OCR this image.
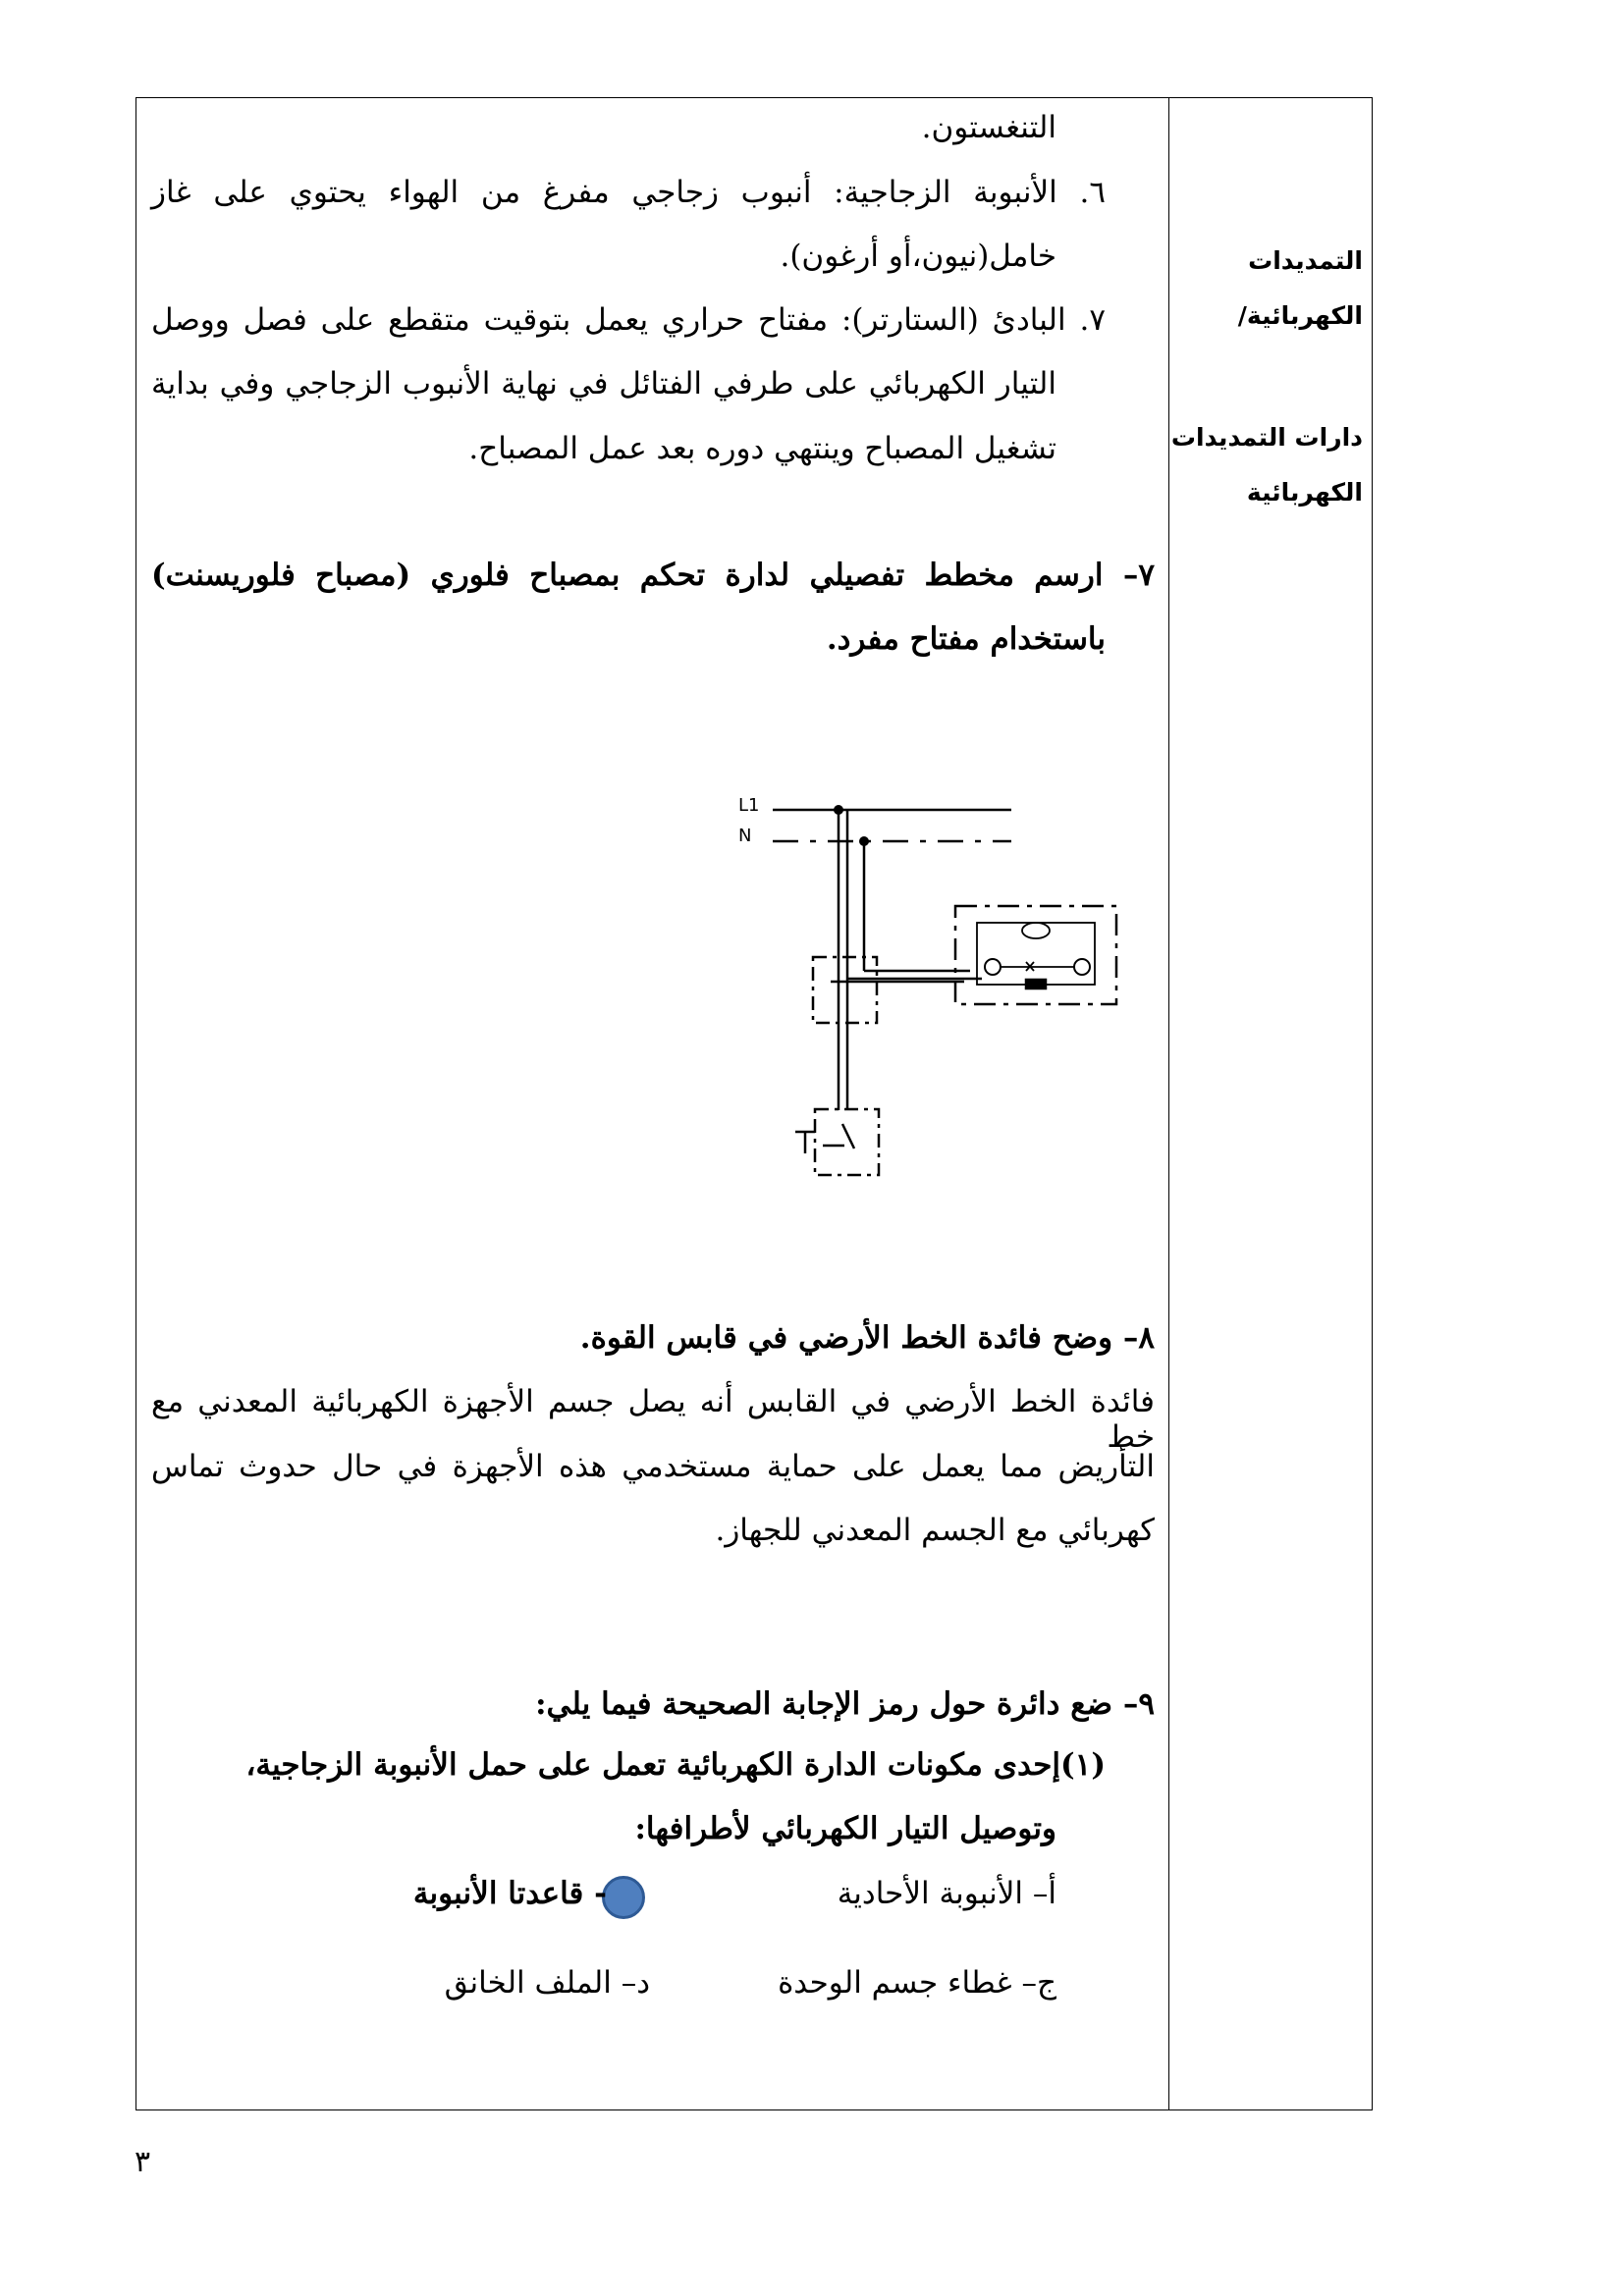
التمديدات
الكهربائية/
دارات التمديدات
الكهربائية
التنغستون.
٦. الأنبوبة الزجاجية: أنبوب زجاجي مفرغ من الهواء يحتوي على غاز
خامل(نيون،أو أرغون).
٧. البادئ (الستارتر): مفتاح حراري يعمل بتوقيت متقطع على فصل ووصل
التيار الكهربائي على طرفي الفتائل في نهاية الأنبوب الزجاجي وفي بداية
تشغيل المصباح وينتهي دوره بعد عمل المصباح.
٧– ارسم مخطط تفصيلي لدارة تحكم بمصباح فلوري (مصباح فلوريسنت)
باستخدام مفتاح مفرد.
L1
N
٨– وضح فائدة الخط الأرضي في قابس القوة.
فائدة الخط الأرضي في القابس أنه يصل جسم الأجهزة الكهربائية المعدني مع خط
التأريض مما يعمل على حماية مستخدمي هذه الأجهزة في حال حدوث تماس
كهربائي مع الجسم المعدني للجهاز.
٩– ضع دائرة حول رمز الإجابة الصحيحة فيما يلي:
(١)إحدى مكونات الدارة الكهربائية تعمل على حمل الأنبوبة الزجاجية،
وتوصيل التيار الكهربائي لأطرافها:
أ– الأنبوبة الأحادية
- قاعدتا الأنبوبة
ج– غطاء جسم الوحدة
د– الملف الخانق
٣
